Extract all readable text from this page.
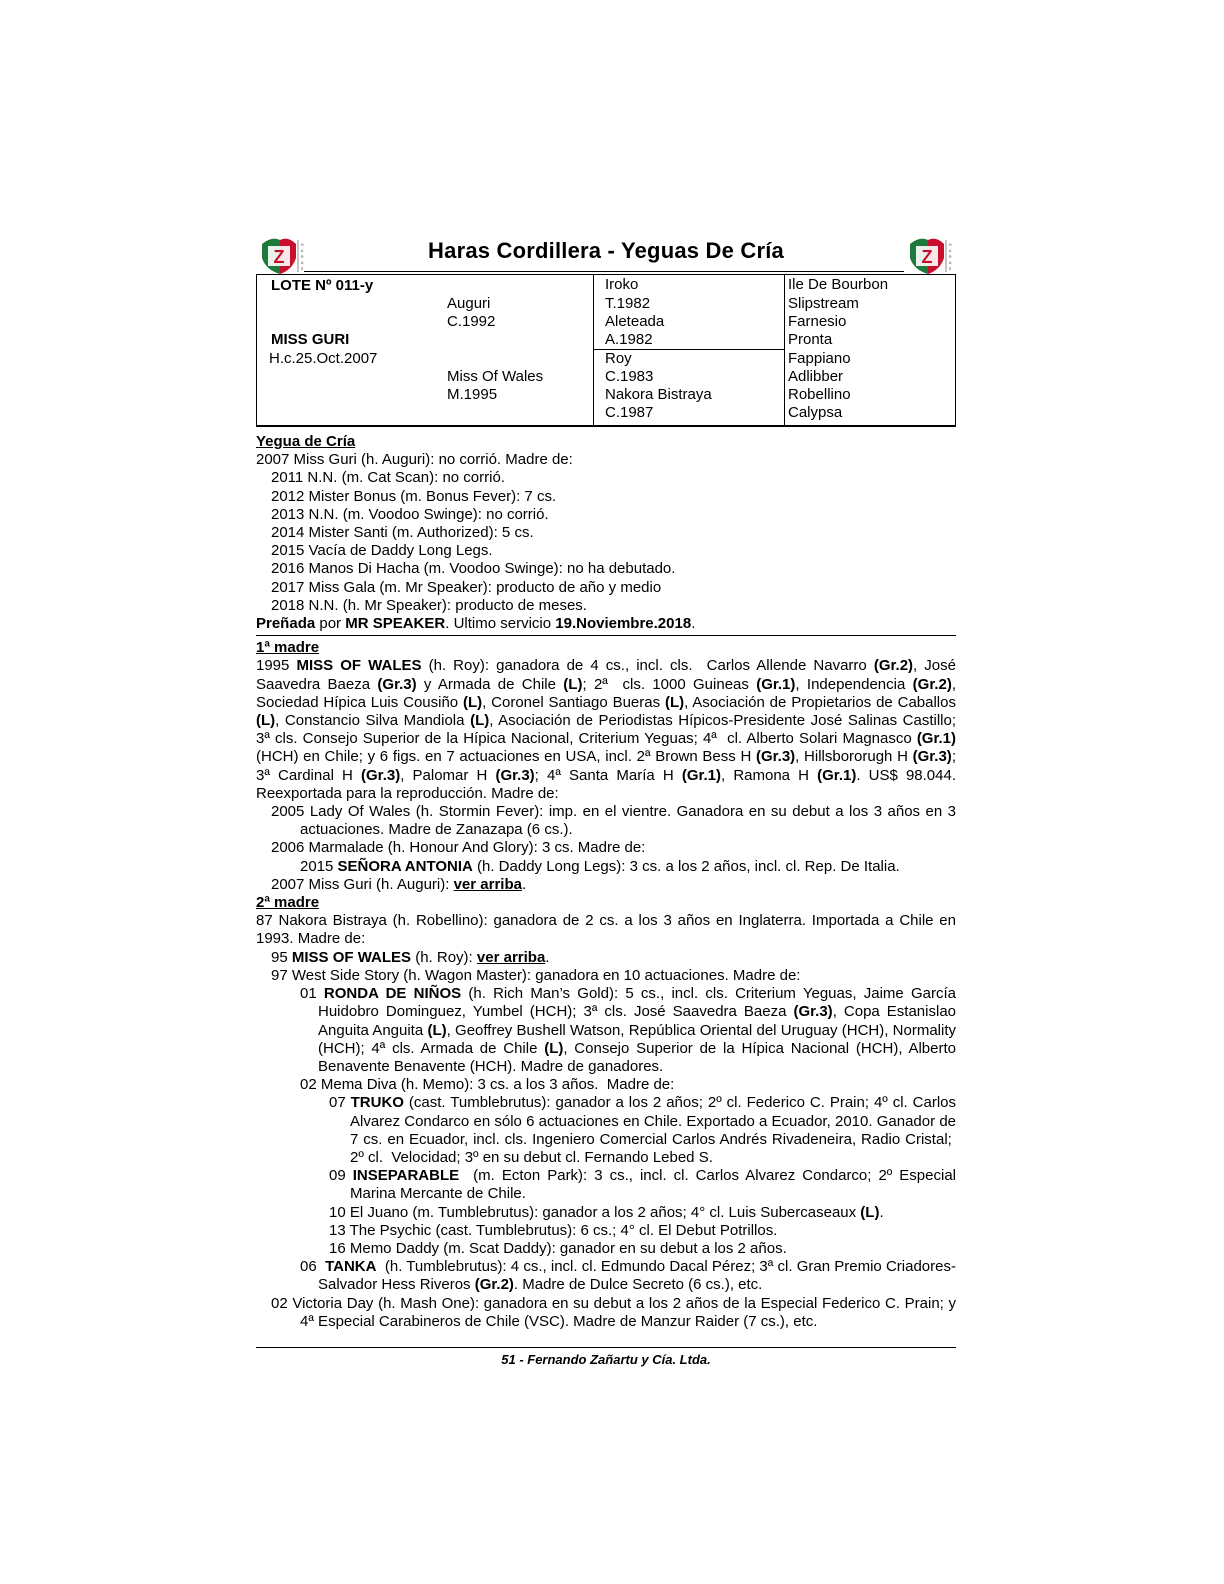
Z
H
A
R
A
S
Haras Cordillera - Yeguas De Cría	Z
H
A
R
A
S
LOTE Nº 011-y
MISS GURI
H.c.25.Oct.2007
Auguri
C.1992
Miss Of Wales
M.1995
Iroko
T.1982
Aleteada
A.1982
Roy
C.1983
Nakora Bistraya
C.1987
Ile De Bourbon
Slipstream
Farnesio
Pronta
Fappiano
Adlibber
Robellino
Calypsa
Yegua de Cría
2007 Miss Guri (h. Auguri): no corrió. Madre de:
2011 N.N. (m. Cat Scan): no corrió.
2012 Mister Bonus (m. Bonus Fever): 7 cs.
2013 N.N. (m. Voodoo Swinge): no corrió.
2014 Mister Santi (m. Authorized): 5 cs.
2015 Vacía de Daddy Long Legs.
2016 Manos Di Hacha (m. Voodoo Swinge): no ha debutado.
2017 Miss Gala (m. Mr Speaker): producto de año y medio
2018 N.N. (h. Mr Speaker): producto de meses.
Preñada por MR SPEAKER. Ultimo servicio 19.Noviembre.2018.
1ª madre
1995 MISS OF WALES (h. Roy): ganadora de 4 cs., incl. cls.  Carlos Allende Navarro (Gr.2), José Saavedra Baeza (Gr.3) y Armada de Chile (L); 2ª  cls. 1000 Guineas (Gr.1), Independencia (Gr.2), Sociedad Hípica Luis Cousiño (L), Coronel Santiago Bueras (L), Asociación de Propietarios de Caballos (L), Constancio Silva Mandiola (L), Asociación de Periodistas Hípicos-Presidente José Salinas Castillo; 3ª cls. Consejo Superior de la Hípica Nacional, Criterium Yeguas; 4ª  cl. Alberto Solari Magnasco (Gr.1) (HCH) en Chile; y 6 figs. en 7 actuaciones en USA, incl. 2ª Brown Bess H (Gr.3), Hillsbororugh H (Gr.3); 3ª Cardinal H (Gr.3), Palomar H (Gr.3); 4ª Santa María H (Gr.1), Ramona H (Gr.1). US$ 98.044. Reexportada para la reproducción. Madre de:
2005 Lady Of Wales (h. Stormin Fever): imp. en el vientre. Ganadora en su debut a los 3 años en 3 actuaciones. Madre de Zanazapa (6 cs.).
2006 Marmalade (h. Honour And Glory): 3 cs. Madre de:
2015 SEÑORA ANTONIA (h. Daddy Long Legs): 3 cs. a los 2 años, incl. cl. Rep. De Italia.
2007 Miss Guri (h. Auguri): ver arriba.
2ª madre
87 Nakora Bistraya (h. Robellino): ganadora de 2 cs. a los 3 años en Inglaterra. Importada a Chile en 1993. Madre de:
95 MISS OF WALES (h. Roy): ver arriba.
97 West Side Story (h. Wagon Master): ganadora en 10 actuaciones. Madre de:
01 RONDA DE NIÑOS (h. Rich Man’s Gold): 5 cs., incl. cls. Criterium Yeguas, Jaime García Huidobro Dominguez, Yumbel (HCH); 3ª cls. José Saavedra Baeza (Gr.3), Copa Estanislao Anguita Anguita (L), Geoffrey Bushell Watson, República Oriental del Uruguay (HCH), Normality (HCH); 4ª cls. Armada de Chile (L), Consejo Superior de la Hípica Nacional (HCH), Alberto Benavente Benavente (HCH). Madre de ganadores.
02 Mema Diva (h. Memo): 3 cs. a los 3 años.  Madre de:
07 TRUKO (cast. Tumblebrutus): ganador a los 2 años; 2º cl. Federico C. Prain; 4º cl. Carlos Alvarez Condarco en sólo 6 actuaciones en Chile. Exportado a Ecuador, 2010. Ganador de 7 cs. en Ecuador, incl. cls. Ingeniero Comercial Carlos Andrés Rivadeneira, Radio Cristal;  2º cl.  Velocidad; 3º en su debut cl. Fernando Lebed S.
09 INSEPARABLE  (m. Ecton Park): 3 cs., incl. cl. Carlos Alvarez Condarco; 2º Especial Marina Mercante de Chile.
10 El Juano (m. Tumblebrutus): ganador a los 2 años; 4° cl. Luis Subercaseaux (L).
13 The Psychic (cast. Tumblebrutus): 6 cs.; 4° cl. El Debut Potrillos.
16 Memo Daddy (m. Scat Daddy): ganador en su debut a los 2 años.
06  TANKA  (h. Tumblebrutus): 4 cs., incl. cl. Edmundo Dacal Pérez; 3ª cl. Gran Premio Criadores-Salvador Hess Riveros (Gr.2). Madre de Dulce Secreto (6 cs.), etc.
02 Victoria Day (h. Mash One): ganadora en su debut a los 2 años de la Especial Federico C. Prain; y 4ª Especial Carabineros de Chile (VSC). Madre de Manzur Raider (7 cs.), etc.
51 - Fernando Zañartu y Cía. Ltda.
